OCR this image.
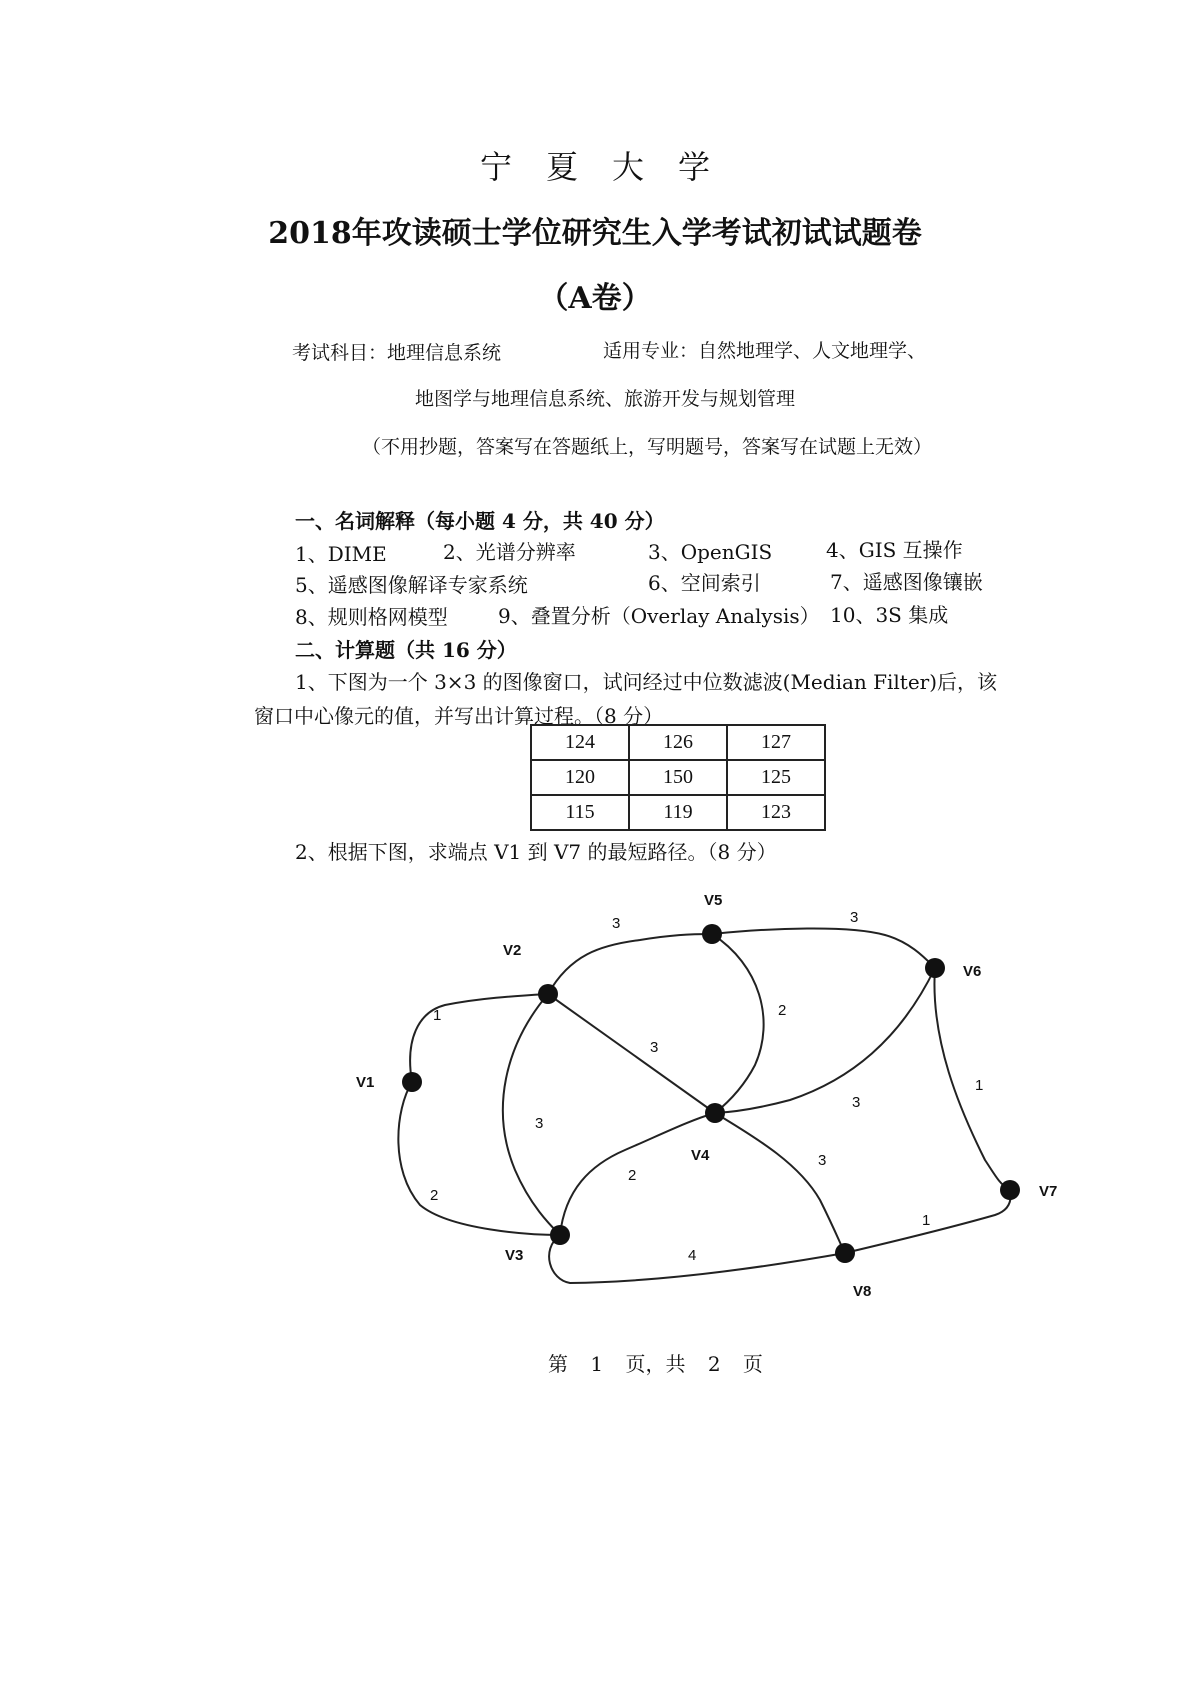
宁夏大学
2018年攻读硕士学位研究生入学考试初试试题卷
（A卷）
考试科目：地理信息系统	适用专业：自然地理学、人文地理学、
地图学与地理信息系统、旅游开发与规划管理
（不用抄题，答案写在答题纸上，写明题号，答案写在试题上无效）
一、名词解释（每小题 4 分，共 40 分）
1、DIME	2、光谱分辨率	3、OpenGIS	4、GIS 互操作
5、遥感图像解译专家系统	6、空间索引	7、遥感图像镶嵌
8、规则格网模型	9、叠置分析（Overlay Analysis） 10、3S 集成
二、计算题（共 16 分）
1、下图为一个 3×3 的图像窗口，试问经过中位数滤波(Median Filter)后，该
窗口中心像元的值，并写出计算过程。（8 分）
124	126	127
120	150	125
115	119	123
2、根据下图，求端点 V1 到 V7 的最短路径。（8 分）
V1
V2
V3
V4
V5
V6
V7
V8
1
2
3
3
3	3
2
3
1
2
3
4
1
第 1 页，共 2 页
